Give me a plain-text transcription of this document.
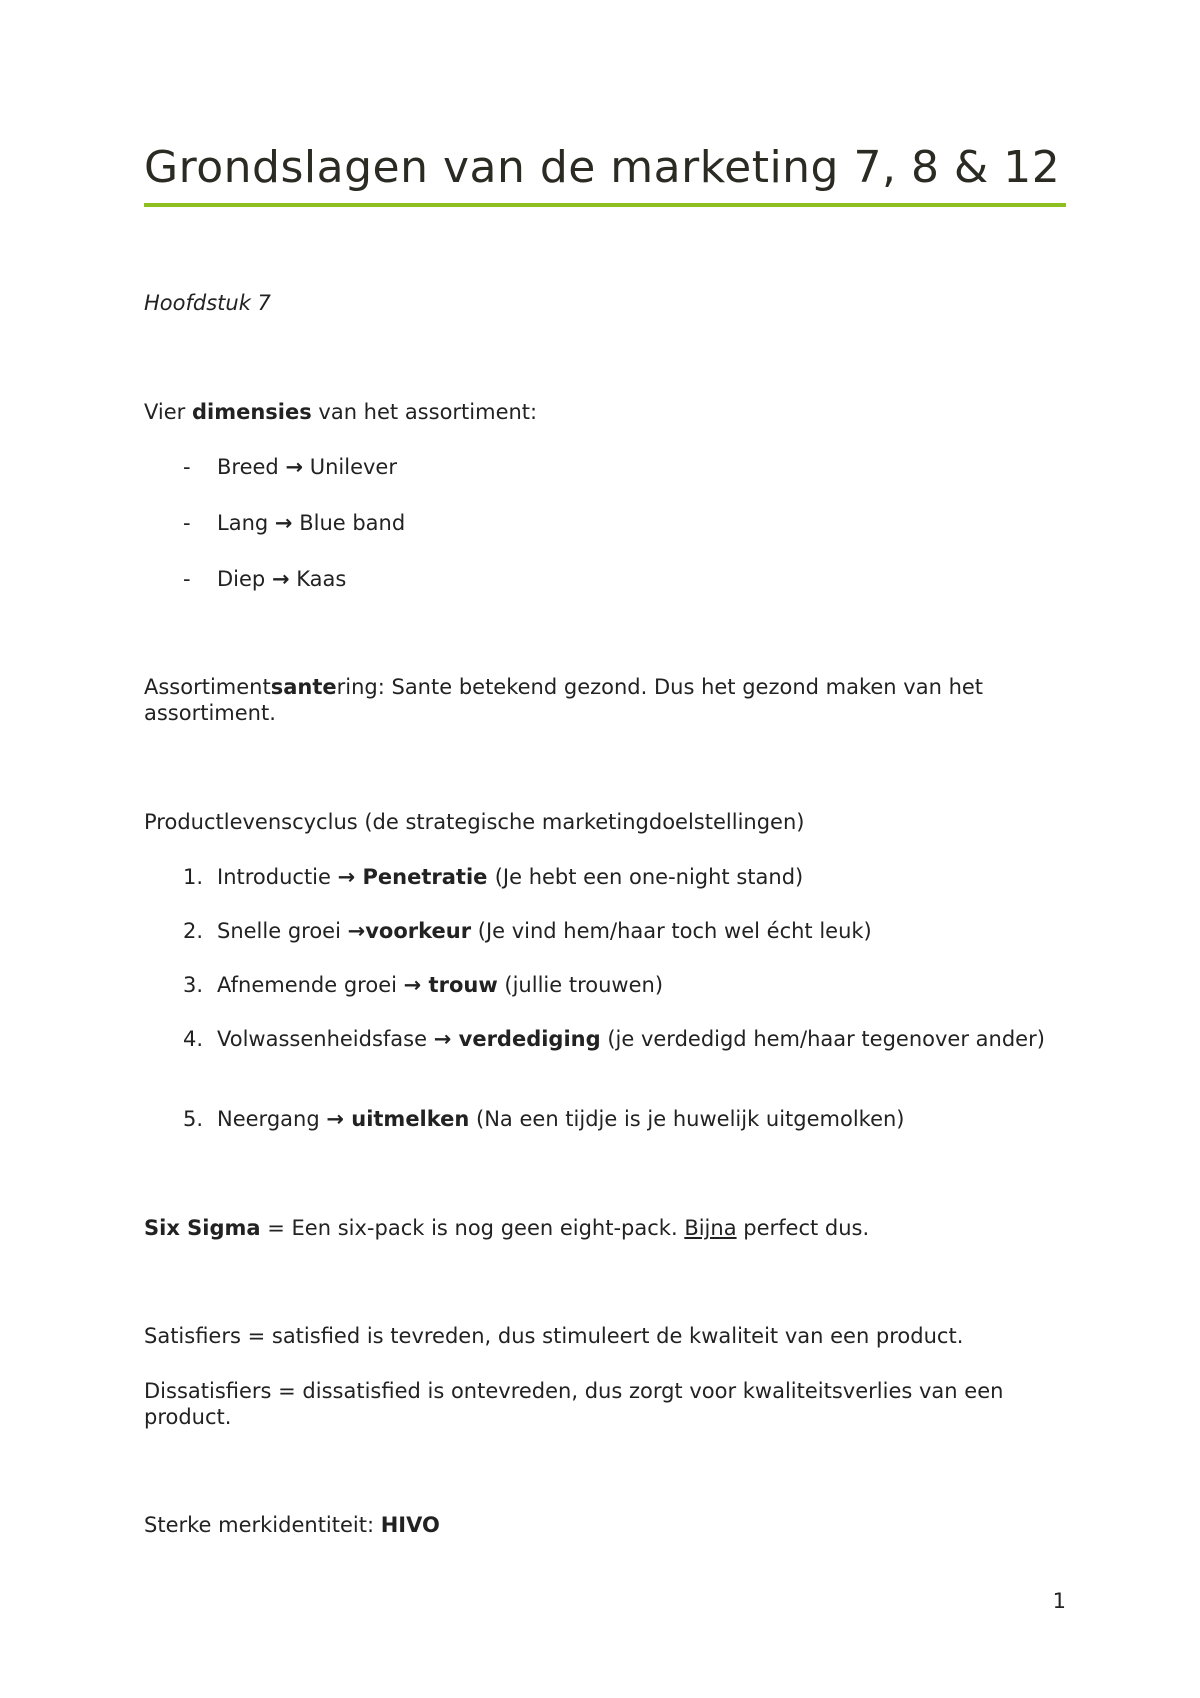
Grondslagen van de marketing 7, 8 & 12

Hoofdstuk 7

Vier dimensies van het assortiment:

- Breed → Unilever
- Lang → Blue band
- Diep → Kaas

Assortimentsantering: Sante betekend gezond. Dus het gezond maken van het assortiment.

Productlevenscyclus (de strategische marketingdoelstellingen)

1. Introductie → Penetratie (Je hebt een one-night stand)
2. Snelle groei →voorkeur (Je vind hem/haar toch wel écht leuk)
3. Afnemende groei → trouw (jullie trouwen)
4. Volwassenheidsfase → verdediging (je verdedigd hem/haar tegenover ander)
5. Neergang → uitmelken (Na een tijdje is je huwelijk uitgemolken)

Six Sigma = Een six-pack is nog geen eight-pack. Bijna perfect dus.

Satisfiers = satisfied is tevreden, dus stimuleert de kwaliteit van een product.

Dissatisfiers = dissatisfied is ontevreden, dus zorgt voor kwaliteitsverlies van een product.

Sterke merkidentiteit: HIVO

1
